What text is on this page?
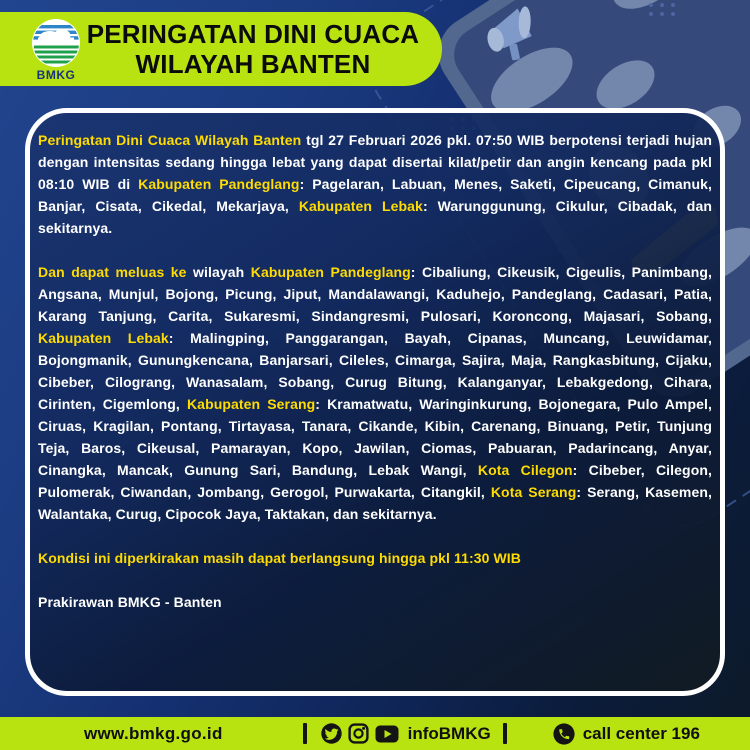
BMKG
PERINGATAN DINI CUACA
WILAYAH BANTEN

Peringatan Dini Cuaca Wilayah Banten tgl 27 Februari 2026 pkl. 07:50 WIB berpotensi terjadi hujan dengan intensitas sedang hingga lebat yang dapat disertai kilat/petir dan angin kencang pada pkl 08:10 WIB di Kabupaten Pandeglang: Pagelaran, Labuan, Menes, Saketi, Cipeucang, Cimanuk, Banjar, Cisata, Cikedal, Mekarjaya, Kabupaten Lebak: Warunggunung, Cikulur, Cibadak, dan sekitarnya.

Dan dapat meluas ke wilayah Kabupaten Pandeglang: Cibaliung, Cikeusik, Cigeulis, Panimbang, Angsana, Munjul, Bojong, Picung, Jiput, Mandalawangi, Kaduhejo, Pandeglang, Cadasari, Patia, Karang Tanjung, Carita, Sukaresmi, Sindangresmi, Pulosari, Koroncong, Majasari, Sobang, Kabupaten Lebak: Malingping, Panggarangan, Bayah, Cipanas, Muncang, Leuwidamar, Bojongmanik, Gunungkencana, Banjarsari, Cileles, Cimarga, Sajira, Maja, Rangkasbitung, Cijaku, Cibeber, Cilograng, Wanasalam, Sobang, Curug Bitung, Kalanganyar, Lebakgedong, Cihara, Cirinten, Cigemlong, Kabupaten Serang: Kramatwatu, Waringinkurung, Bojonegara, Pulo Ampel, Ciruas, Kragilan, Pontang, Tirtayasa, Tanara, Cikande, Kibin, Carenang, Binuang, Petir, Tunjung Teja, Baros, Cikeusal, Pamarayan, Kopo, Jawilan, Ciomas, Pabuaran, Padarincang, Anyar, Cinangka, Mancak, Gunung Sari, Bandung, Lebak Wangi, Kota Cilegon: Cibeber, Cilegon, Pulomerak, Ciwandan, Jombang, Gerogol, Purwakarta, Citangkil, Kota Serang: Serang, Kasemen, Walantaka, Curug, Cipocok Jaya, Taktakan, dan sekitarnya.

Kondisi ini diperkirakan masih dapat berlangsung hingga pkl 11:30 WIB

Prakirawan BMKG - Banten

www.bmkg.go.id	infoBMKG	call center 196
